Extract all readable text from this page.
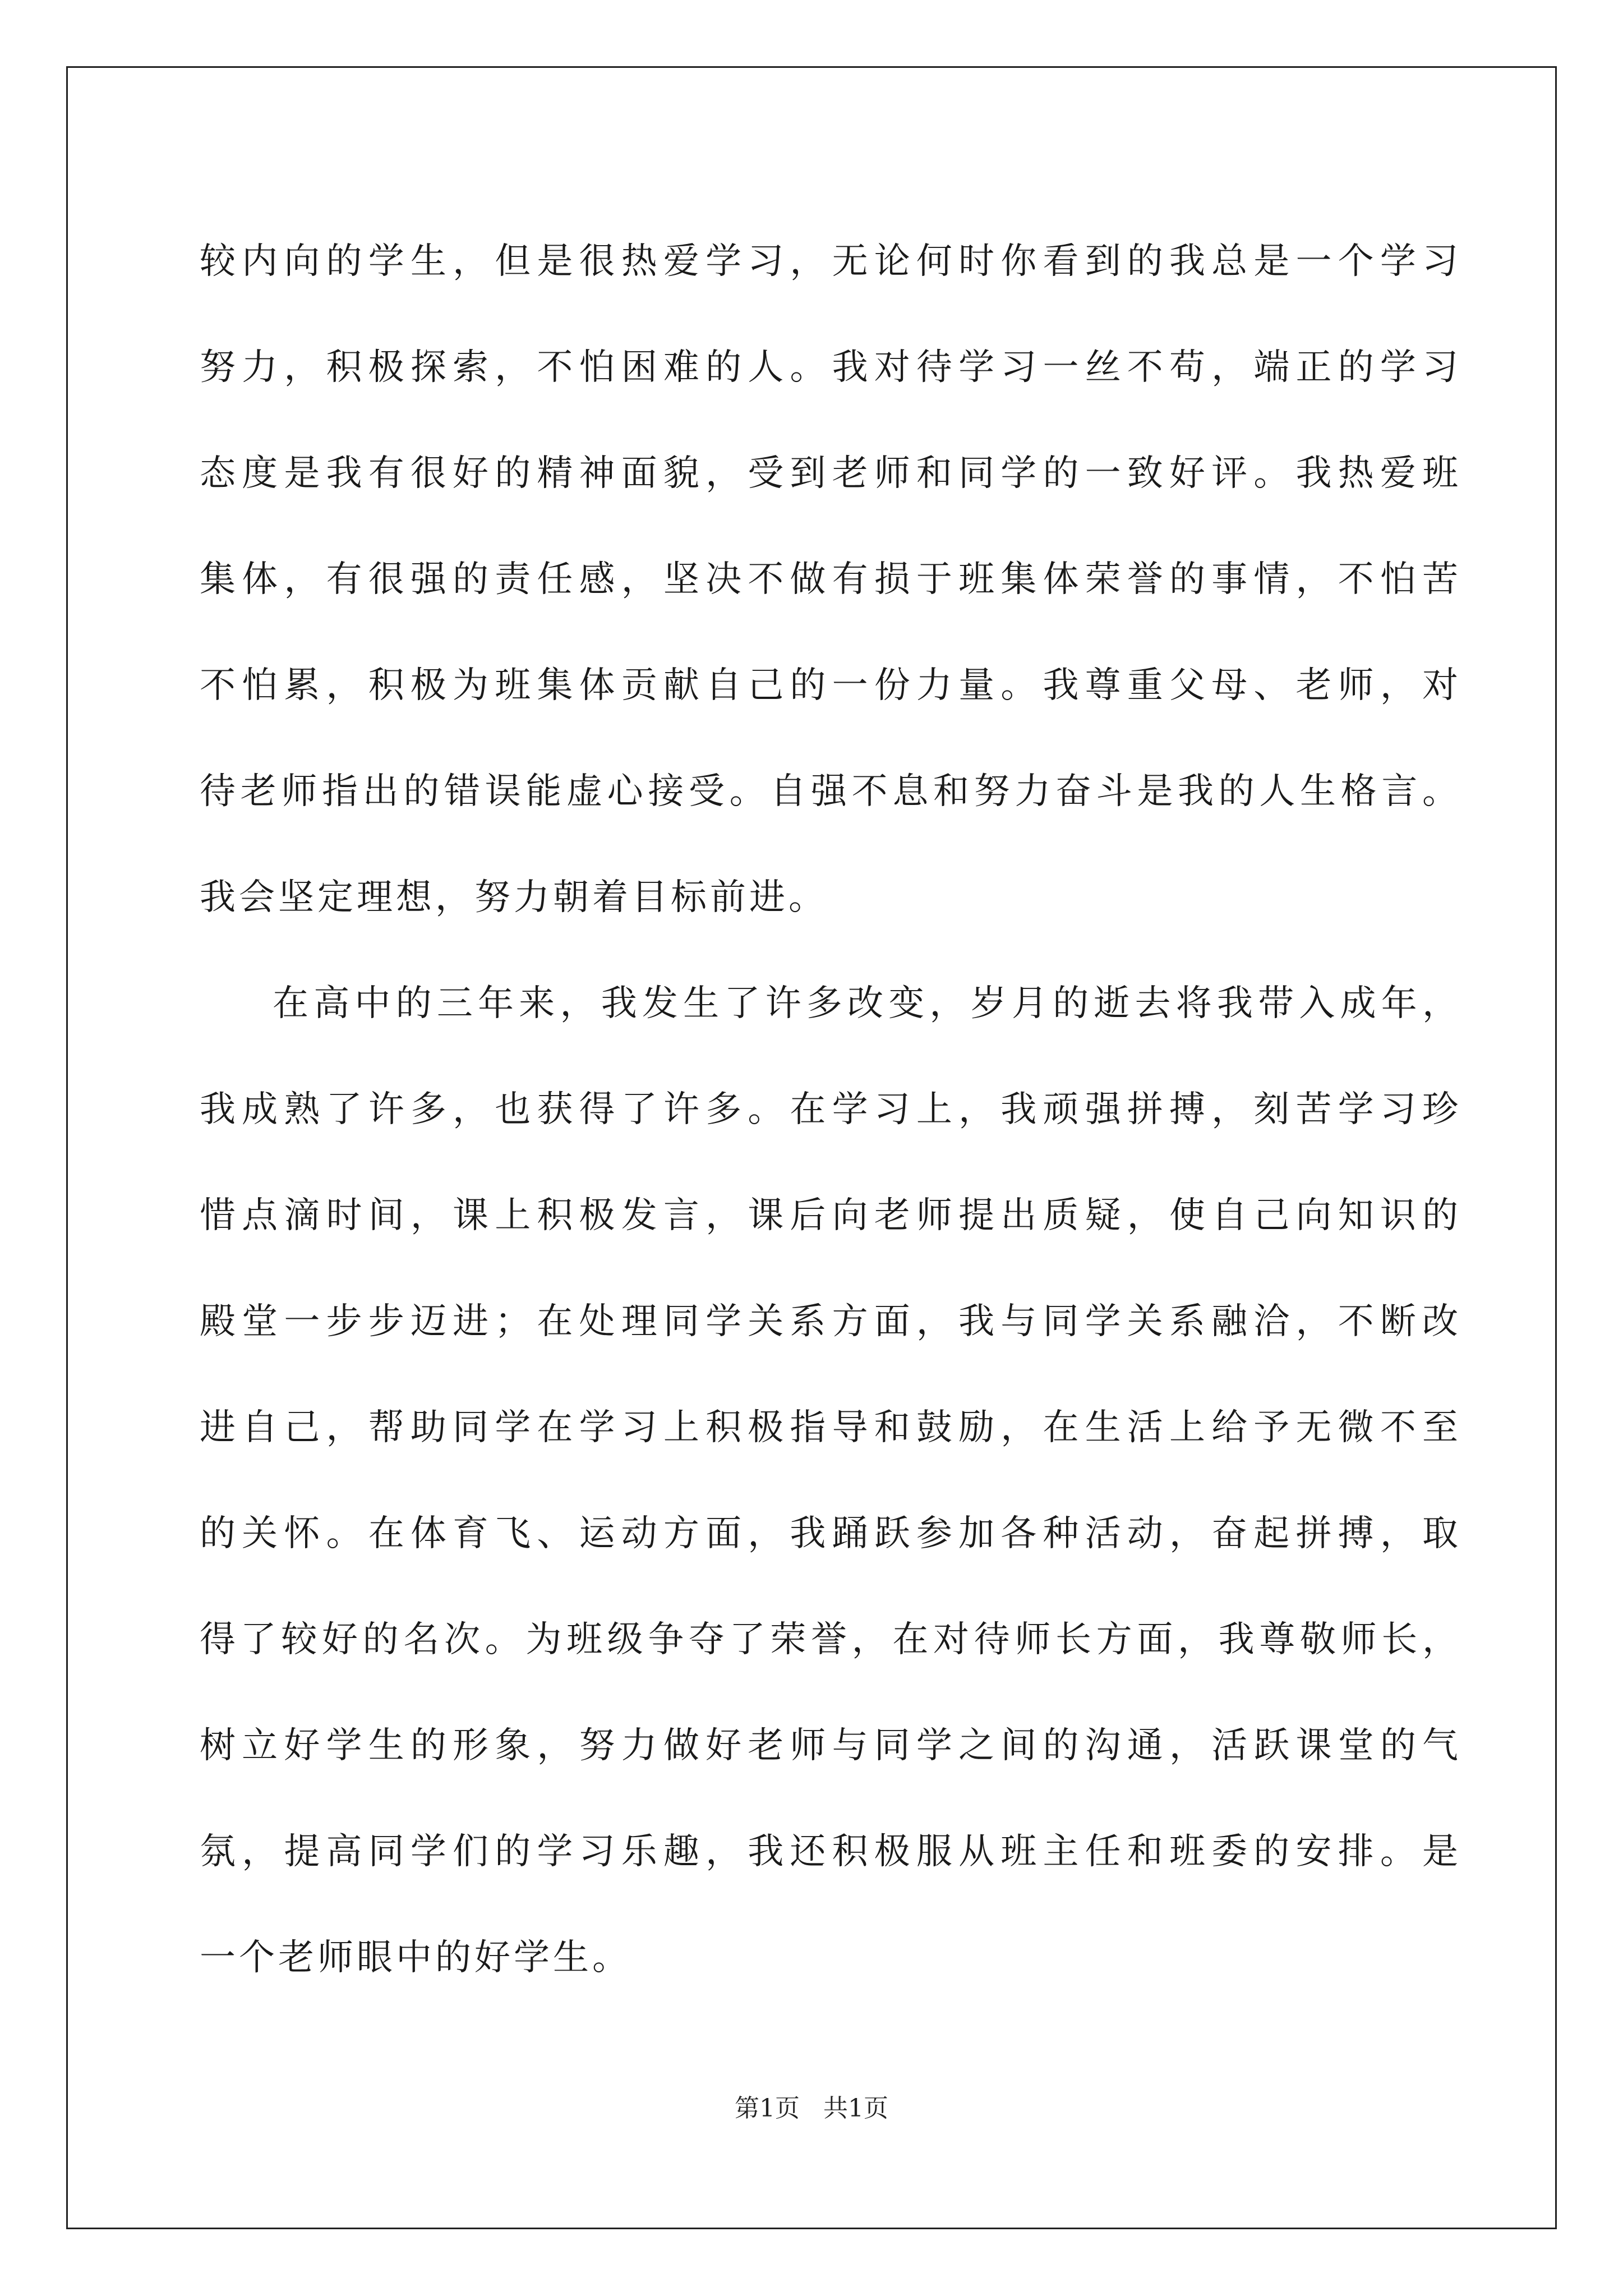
较内向的学生，但是很热爱学习，无论何时你看到的我总是一个学习
努力，积极探索，不怕困难的人。我对待学习一丝不苟，端正的学习
态度是我有很好的精神面貌，受到老师和同学的一致好评。我热爱班
集体，有很强的责任感，坚决不做有损于班集体荣誉的事情，不怕苦
不怕累，积极为班集体贡献自己的一份力量。我尊重父母、老师，对
待老师指出的错误能虚心接受。自强不息和努力奋斗是我的人生格言。
我会坚定理想，努力朝着目标前进。
在高中的三年来，我发生了许多改变，岁月的逝去将我带入成年，
我成熟了许多，也获得了许多。在学习上，我顽强拼搏，刻苦学习珍
惜点滴时间，课上积极发言，课后向老师提出质疑，使自己向知识的
殿堂一步步迈进；在处理同学关系方面，我与同学关系融洽，不断改
进自己，帮助同学在学习上积极指导和鼓励，在生活上给予无微不至
的关怀。在体育飞、运动方面，我踊跃参加各种活动，奋起拼搏，取
得了较好的名次。为班级争夺了荣誉，在对待师长方面，我尊敬师长，
树立好学生的形象，努力做好老师与同学之间的沟通，活跃课堂的气
氛，提高同学们的学习乐趣，我还积极服从班主任和班委的安排。是
一个老师眼中的好学生。
第1页   共1页
